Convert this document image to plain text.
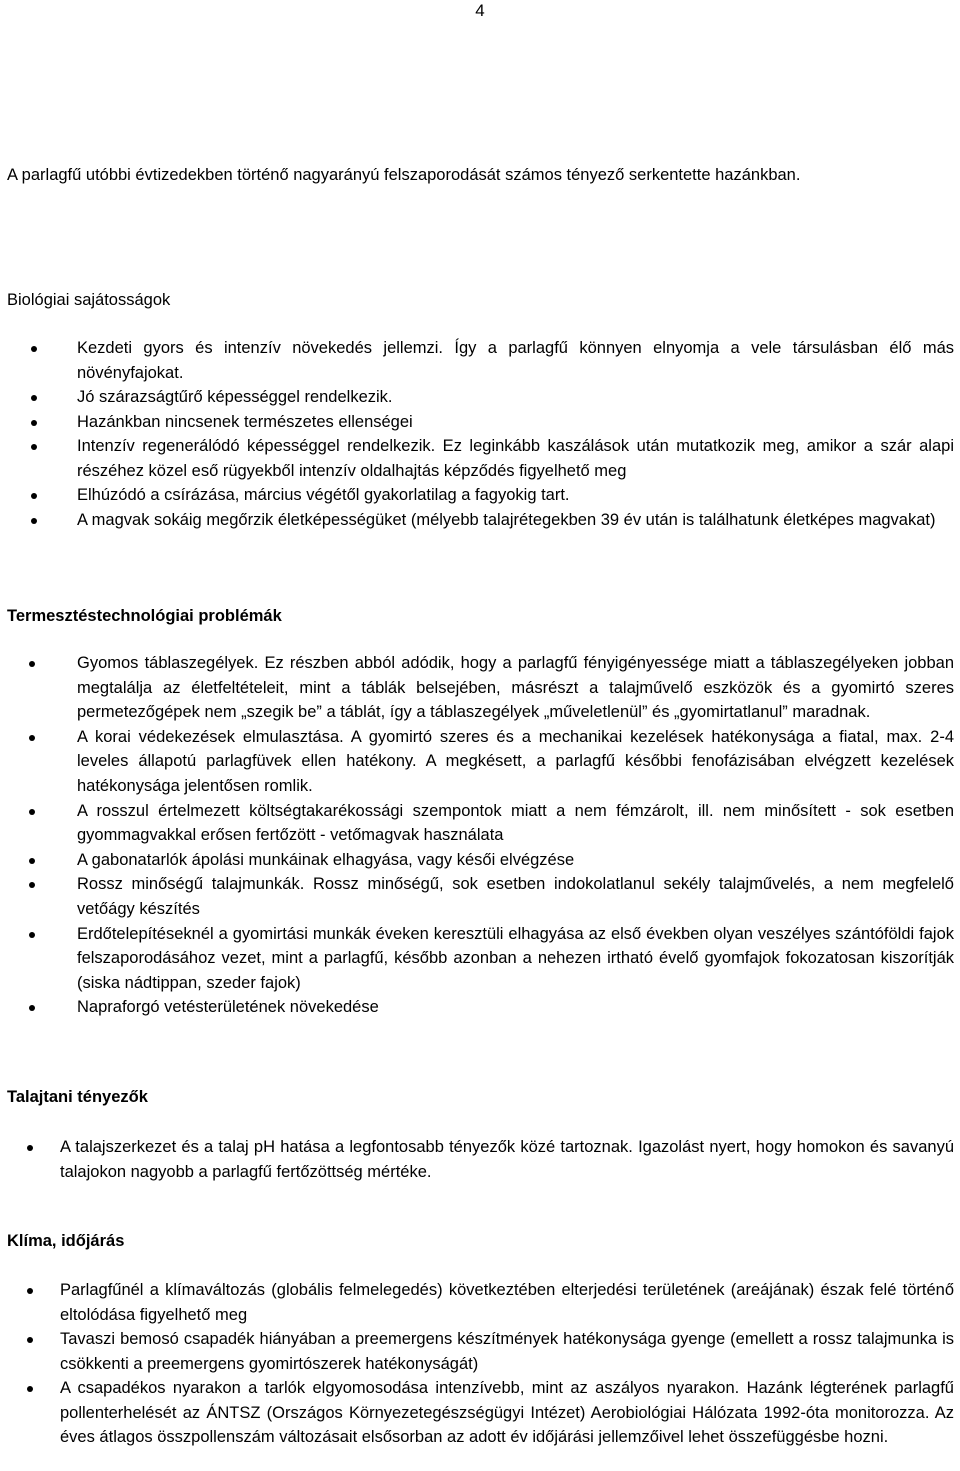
4

A parlagfű utóbbi évtizedekben történő nagyarányú felszaporodását számos tényező serkentette hazánkban.

Biológiai sajátosságok
Kezdeti gyors és intenzív növekedés jellemzi. Így a parlagfű könnyen elnyomja a vele társulásban élő más növényfajokat.
Jó szárazságtűrő képességgel rendelkezik.
Hazánkban nincsenek természetes ellenségei
Intenzív regenerálódó képességgel rendelkezik. Ez leginkább kaszálások után mutatkozik meg, amikor a szár alapi részéhez közel eső rügyekből intenzív oldalhajtás képződés figyelhető meg
Elhúzódó a csírázása, március végétől gyakorlatilag a fagyokig tart.
A magvak sokáig megőrzik életképességüket (mélyebb talajrétegekben 39 év után is találhatunk életképes magvakat)
Termesztéstechnológiai problémák
Gyomos táblaszegélyek. Ez részben abból adódik, hogy a parlagfű fényigényessége miatt a táblaszegélyeken jobban megtalálja az életfeltételeit, mint a táblák belsejében, másrészt a talajművelő eszközök és a gyomirtó szeres permetezőgépek nem „szegik be” a táblát, így a táblaszegélyek „műveletlenül” és „gyomirtatlanul” maradnak.
A korai védekezések elmulasztása. A gyomirtó szeres és a mechanikai kezelések hatékonysága a fiatal, max. 2-4 leveles állapotú parlagfüvek ellen hatékony. A megkésett, a parlagfű későbbi fenofázisában elvégzett kezelések hatékonysága jelentősen romlik.
A rosszul értelmezett költségtakarékossági szempontok miatt a nem fémzárolt, ill. nem minősített - sok esetben gyommagvakkal erősen fertőzött - vetőmagvak használata
A gabonatarlók ápolási munkáinak elhagyása, vagy késői elvégzése
Rossz minőségű talajmunkák. Rossz minőségű, sok esetben indokolatlanul sekély talajművelés, a nem megfelelő vetőágy készítés
Erdőtelepítéseknél a gyomirtási munkák éveken keresztüli elhagyása az első években olyan veszélyes szántóföldi fajok felszaporodásához vezet, mint a parlagfű, később azonban a nehezen irtható évelő gyomfajok fokozatosan kiszorítják (siska nádtippan, szeder fajok)
Napraforgó vetésterületének növekedése
Talajtani tényezők
A talajszerkezet és a talaj pH hatása a legfontosabb tényezők közé tartoznak. Igazolást nyert, hogy homokon és savanyú talajokon nagyobb a parlagfű fertőzöttség mértéke.
Klíma, időjárás
Parlagfűnél a klímaváltozás (globális felmelegedés) következtében elterjedési területének (areájának) észak felé történő eltolódása figyelhető meg
Tavaszi bemosó csapadék hiányában a preemergens készítmények hatékonysága gyenge (emellett a rossz talajmunka is csökkenti a preemergens gyomirtószerek hatékonyságát)
A csapadékos nyarakon a tarlók elgyomosodása intenzívebb, mint az aszályos nyarakon. Hazánk légterének parlagfű pollenterhelését az ÁNTSZ (Országos Környezetegészségügyi Intézet) Aerobiológiai Hálózata 1992-óta monitorozza. Az éves átlagos összpollenszám változásait elsősorban az adott év időjárási jellemzőivel lehet összefüggésbe hozni.
